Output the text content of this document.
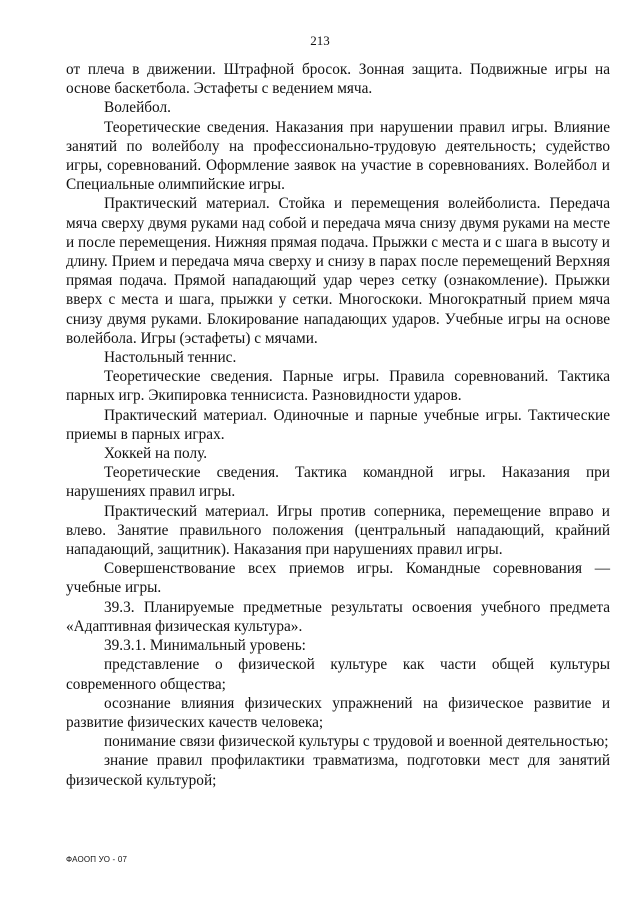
213

от плеча в движении. Штрафной бросок. Зонная защита. Подвижные игры на основе баскетбола. Эстафеты с ведением мяча.

Волейбол.

Теоретические сведения. Наказания при нарушении правил игры. Влияние занятий по волейболу на профессионально-трудовую деятельность; судейство игры, соревнований. Оформление заявок на участие в соревнованиях. Волейбол и Специальные олимпийские игры.

Практический материал. Стойка и перемещения волейболиста. Передача мяча сверху двумя руками над собой и передача мяча снизу двумя руками на месте и после перемещения. Нижняя прямая подача. Прыжки с места и с шага в высоту и длину. Прием и передача мяча сверху и снизу в парах после перемещений Верхняя прямая подача. Прямой нападающий удар через сетку (ознакомление). Прыжки вверх с места и шага, прыжки у сетки. Многоскоки. Многократный прием мяча снизу двумя руками. Блокирование нападающих ударов. Учебные игры на основе волейбола. Игры (эстафеты) с мячами.

Настольный теннис.

Теоретические сведения. Парные игры. Правила соревнований. Тактика парных игр. Экипировка теннисиста. Разновидности ударов.

Практический материал. Одиночные и парные учебные игры. Тактические приемы в парных играх.

Хоккей на полу.

Теоретические сведения. Тактика командной игры. Наказания при нарушениях правил игры.

Практический материал. Игры против соперника, перемещение вправо и влево. Занятие правильного положения (центральный нападающий, крайний нападающий, защитник). Наказания при нарушениях правил игры.

Совершенствование всех приемов игры. Командные соревнования — учебные игры.

39.3. Планируемые предметные результаты освоения учебного предмета «Адаптивная физическая культура».

39.3.1. Минимальный уровень:

представление о физической культуре как части общей культуры современного общества;

осознание влияния физических упражнений на физическое развитие и развитие физических качеств человека;

понимание связи физической культуры с трудовой и военной деятельностью;

знание правил профилактики травматизма, подготовки мест для занятий физической культурой;

ФАООП УО - 07
